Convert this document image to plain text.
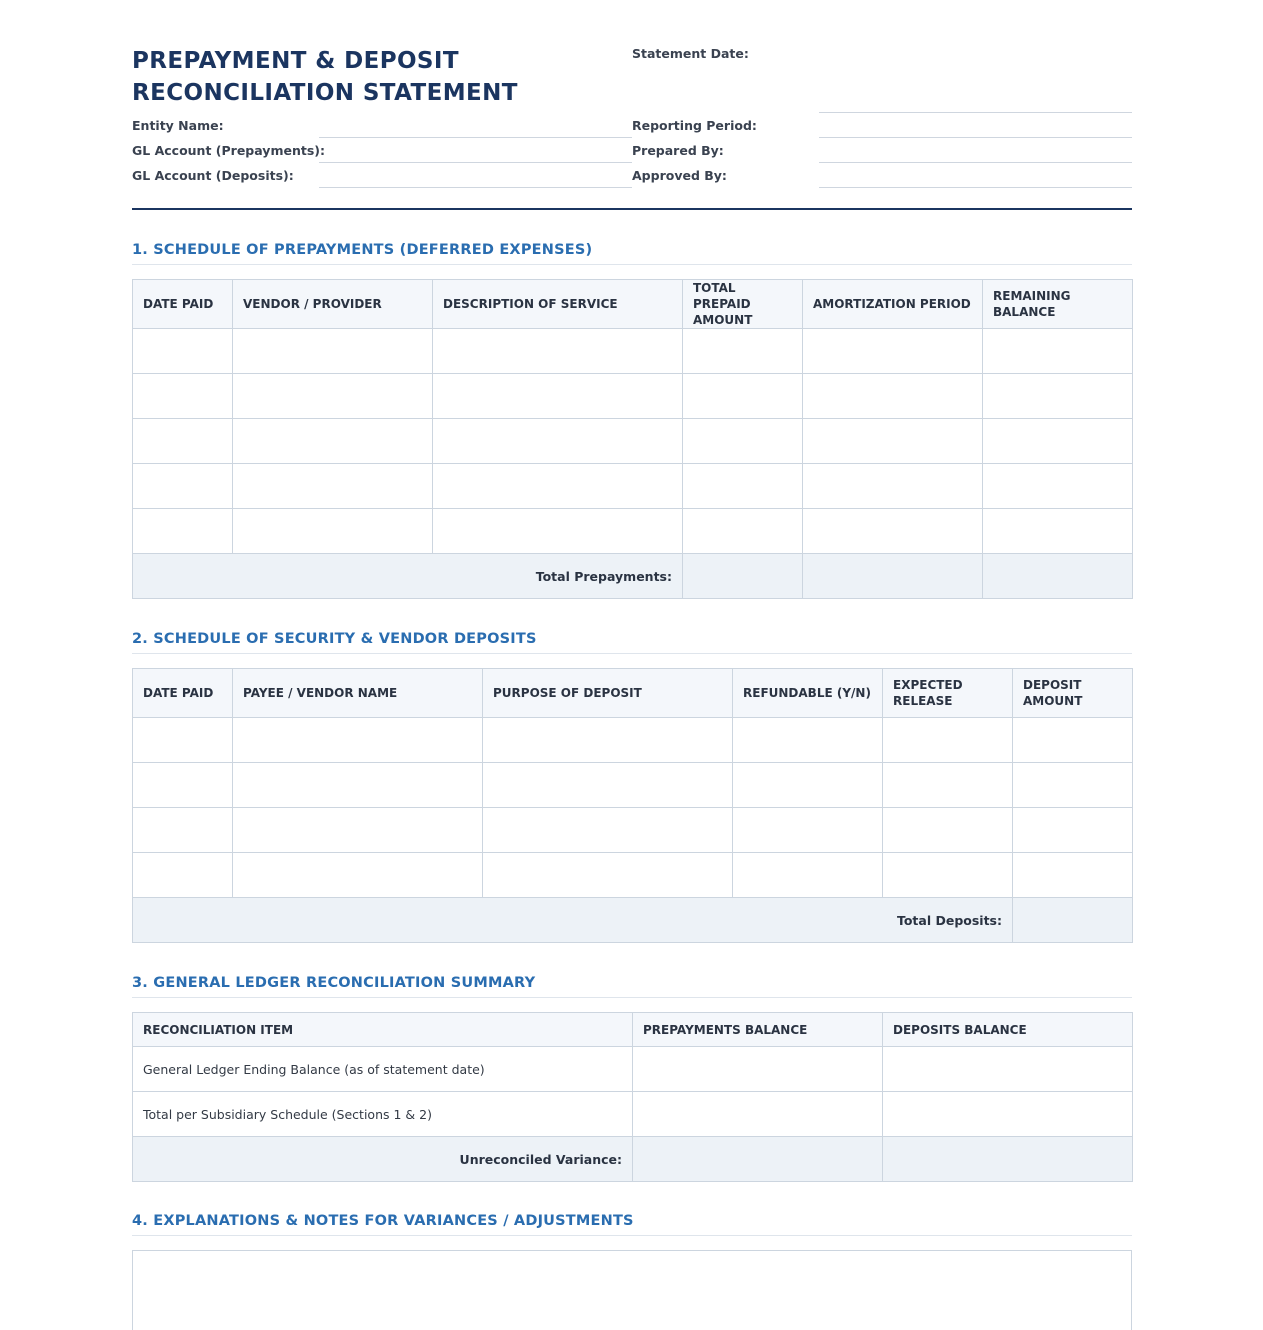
PREPAYMENT & DEPOSIT
RECONCILIATION STATEMENT
Entity Name:
GL Account (Prepayments):
GL Account (Deposits):
Statement Date:
Reporting Period:
Prepared By:
Approved By:
1. SCHEDULE OF PREPAYMENTS (DEFERRED EXPENSES)
DATE PAID	VENDOR / PROVIDER	DESCRIPTION OF SERVICE	TOTAL PREPAID AMOUNT	AMORTIZATION PERIOD	REMAINING BALANCE

Total Prepayments:					
2. SCHEDULE OF SECURITY & VENDOR DEPOSITS
DATE PAID	PAYEE / VENDOR NAME	PURPOSE OF DEPOSIT	REFUNDABLE (Y/N)	EXPECTED RELEASE	DEPOSIT AMOUNT

Total Deposits:					
3. GENERAL LEDGER RECONCILIATION SUMMARY
RECONCILIATION ITEM	PREPAYMENTS BALANCE	DEPOSITS BALANCE
General Ledger Ending Balance (as of statement date)		
Total per Subsidiary Schedule (Sections 1 & 2)		
Unreconciled Variance:		
4. EXPLANATIONS & NOTES FOR VARIANCES / ADJUSTMENTS
